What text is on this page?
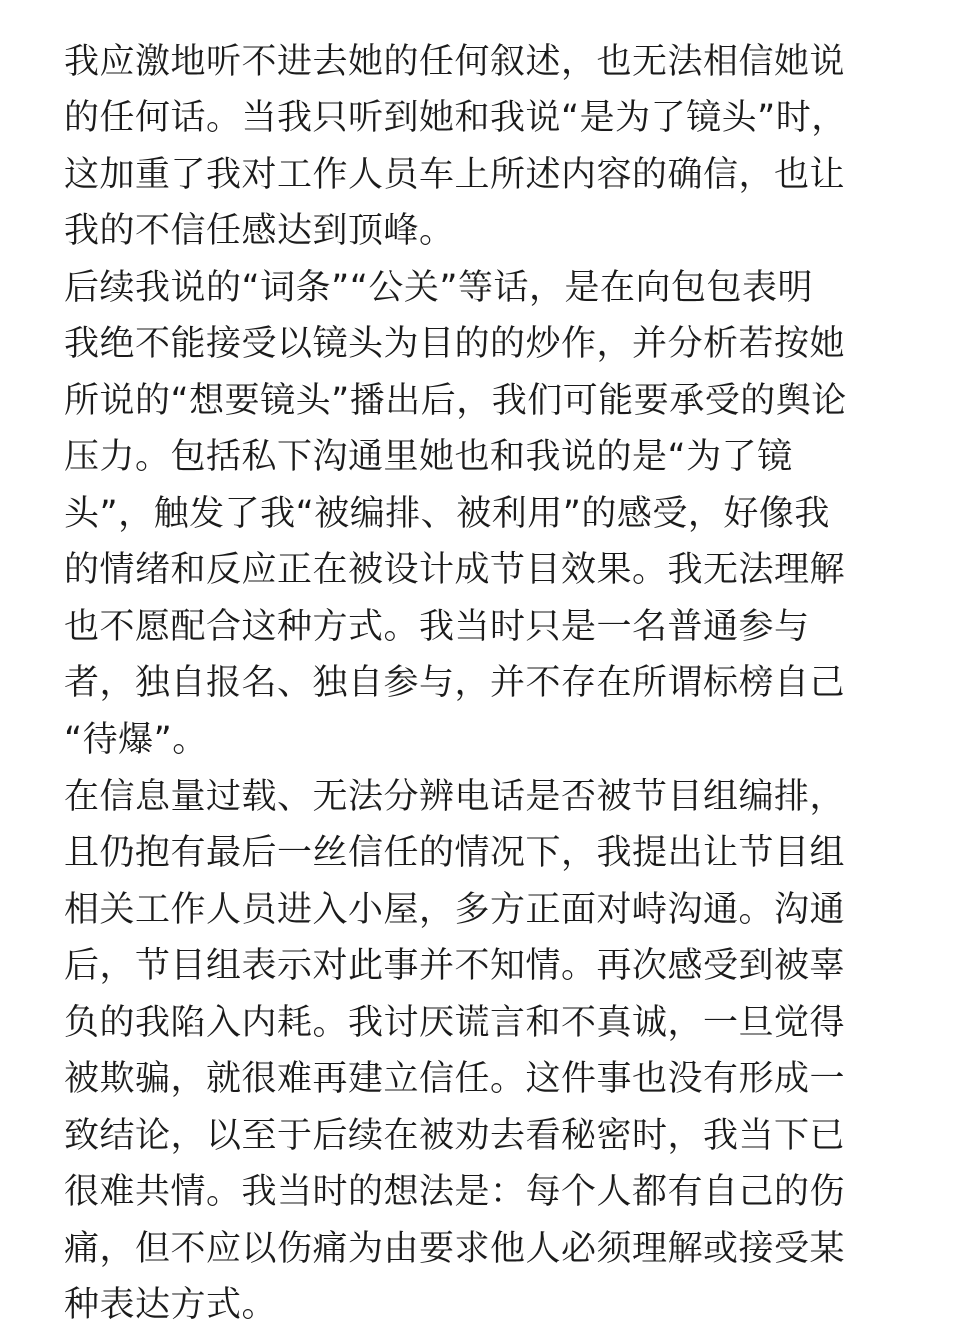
我应激地听不进去她的任何叙述，也无法相信她说
的任何话。当我只听到她和我说“是为了镜头”时，
这加重了我对工作人员车上所述内容的确信，也让
我的不信任感达到顶峰。
后续我说的“词条”“公关”等话，是在向包包表明
我绝不能接受以镜头为目的的炒作，并分析若按她
所说的“想要镜头”播出后，我们可能要承受的舆论
压力。包括私下沟通里她也和我说的是“为了镜
头”，触发了我“被编排、被利用”的感受，好像我
的情绪和反应正在被设计成节目效果。我无法理解
也不愿配合这种方式。我当时只是一名普通参与
者，独自报名、独自参与，并不存在所谓标榜自己
“待爆”。
在信息量过载、无法分辨电话是否被节目组编排，
且仍抱有最后一丝信任的情况下，我提出让节目组
相关工作人员进入小屋，多方正面对峙沟通。沟通
后，节目组表示对此事并不知情。再次感受到被辜
负的我陷入内耗。我讨厌谎言和不真诚，一旦觉得
被欺骗，就很难再建立信任。这件事也没有形成一
致结论，以至于后续在被劝去看秘密时，我当下已
很难共情。我当时的想法是：每个人都有自己的伤
痛，但不应以伤痛为由要求他人必须理解或接受某
种表达方式。
